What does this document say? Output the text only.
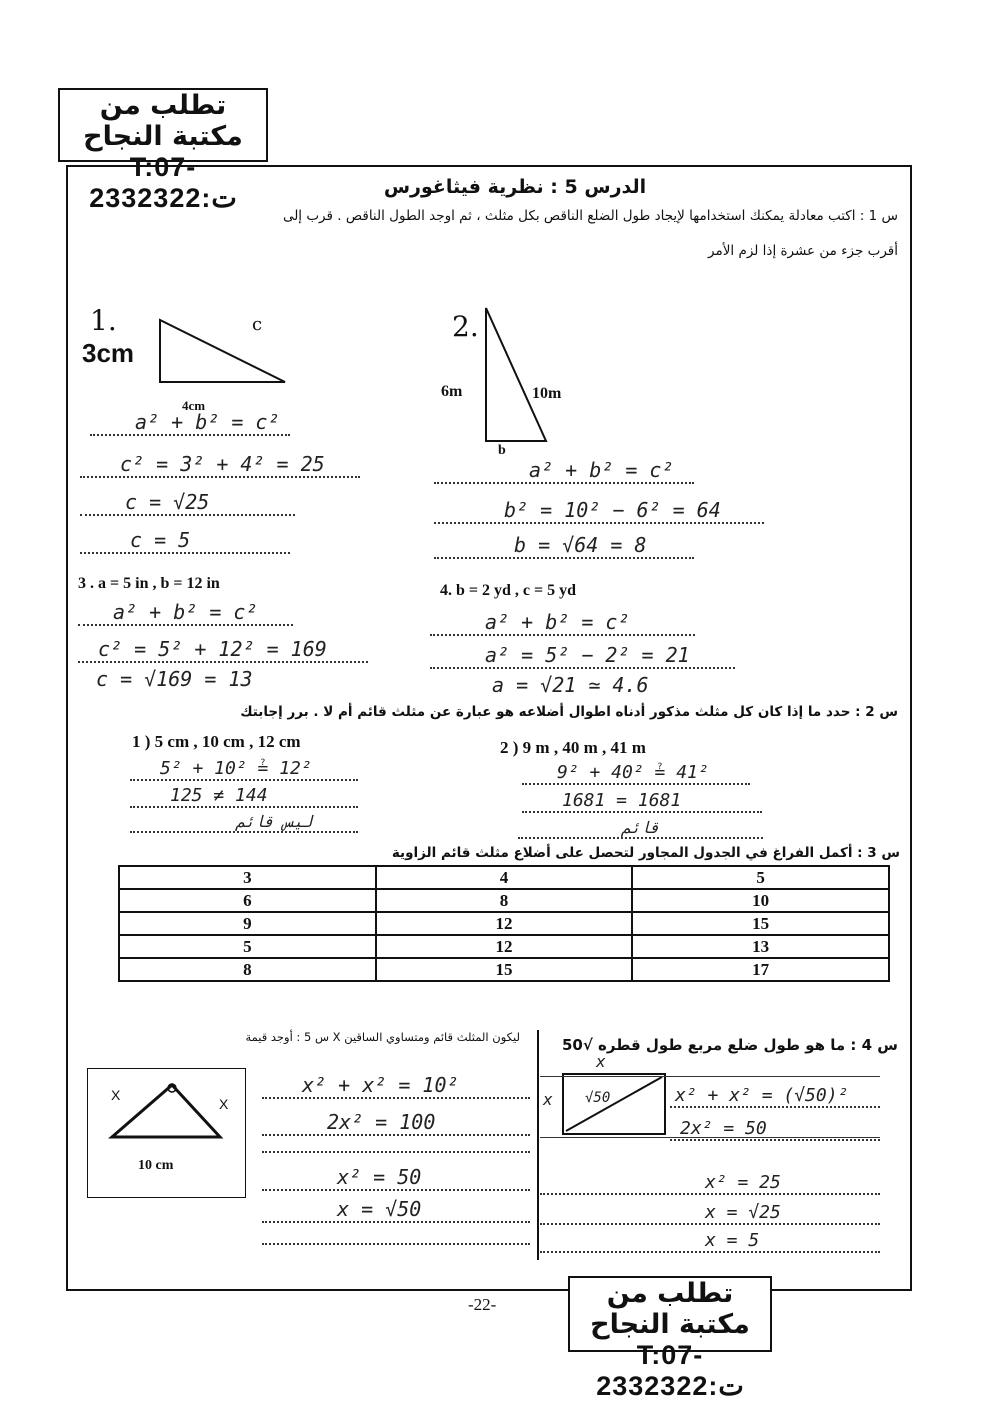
تطلب من مكتبة النجاح
T:07-2332322:ت	الدرس 5 : نظرية فيثاغورس
س 1 : اكتب معادلة يمكنك استخدامها لإيجاد طول الضلع الناقص بكل مثلث ، ثم اوجد الطول الناقص . قرب إلى
أقرب جزء من عشرة إذا لزم الأمر
1.
3cm
c
4cm
a² + b² = c²
c² = 3² + 4² = 25
c = √25
c = 5
2.
6m	10m
b
a² + b² = c²
b² = 10² − 6² = 64
b = √64 = 8
3 . a = 5 in , b = 12 in
a² + b² = c²
c² = 5² + 12² = 169
c = √169 = 13
4. b = 2 yd , c = 5 yd
a² + b² = c²
a² = 5² − 2² = 21
a = √21 ≃ 4.6
س 2 : حدد ما إذا كان كل مثلث مذكور أدناه اطوال أضلاعه هو عبارة عن مثلث قائم أم لا . برر إجابتك
1 ) 5 cm , 10 cm , 12 cm
5² + 10² ≟ 12²
125 ≠ 144
ليس قائم
2 ) 9 m , 40 m , 41 m
9² + 40² ≟ 41²
1681 = 1681
قائم
س 3 : أكمل الفراغ في الجدول المجاور لتحصل على أضلاع مثلث قائم الزاوية
3	4	5
6	8	10
9	12	15
5	12	13
8	15	17
ليكون المثلث قائم ومتساوي الساقين X س 5 : أوجد قيمة
X
X
10 cm
x² + x² = 10²
2x² = 100
x² = 50
x = √50
س 4 : ما هو طول ضلع مربع طول قطره √50
√50
x
x	x² + x² = (√50)²
2x² = 50
x² = 25
x = √25
x = 5
-22-	تطلب من مكتبة النجاح
T:07-2332322:ت
